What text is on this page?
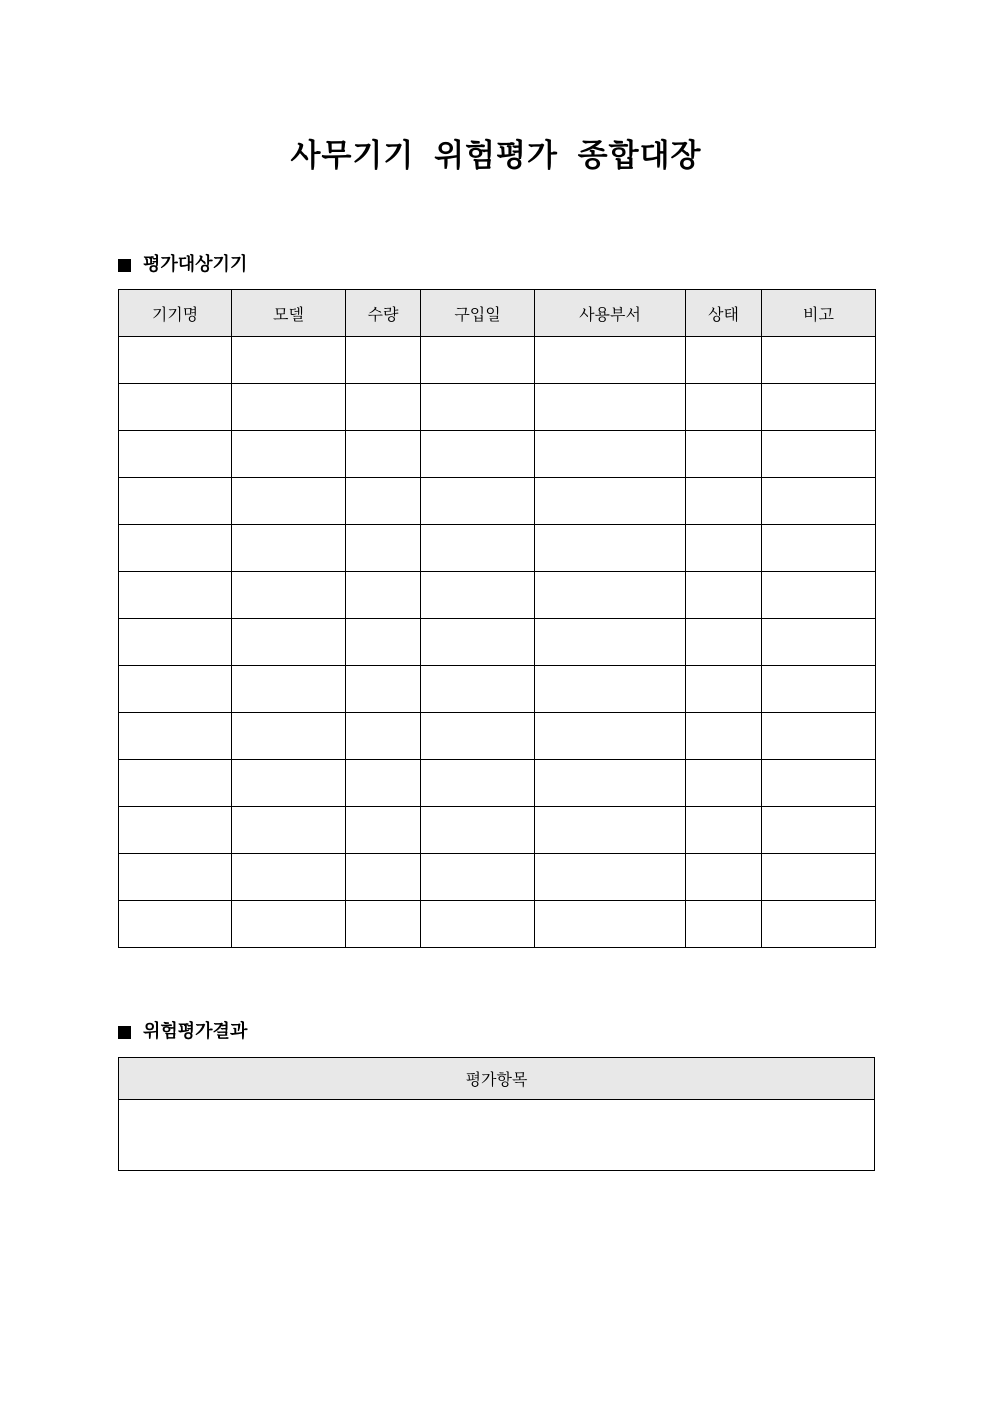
사무기기 위험평가 종합대장
평가대상기기
기기명	모델	수량	구입일	사용부서	상태	비고

위험평가결과
평가항목
